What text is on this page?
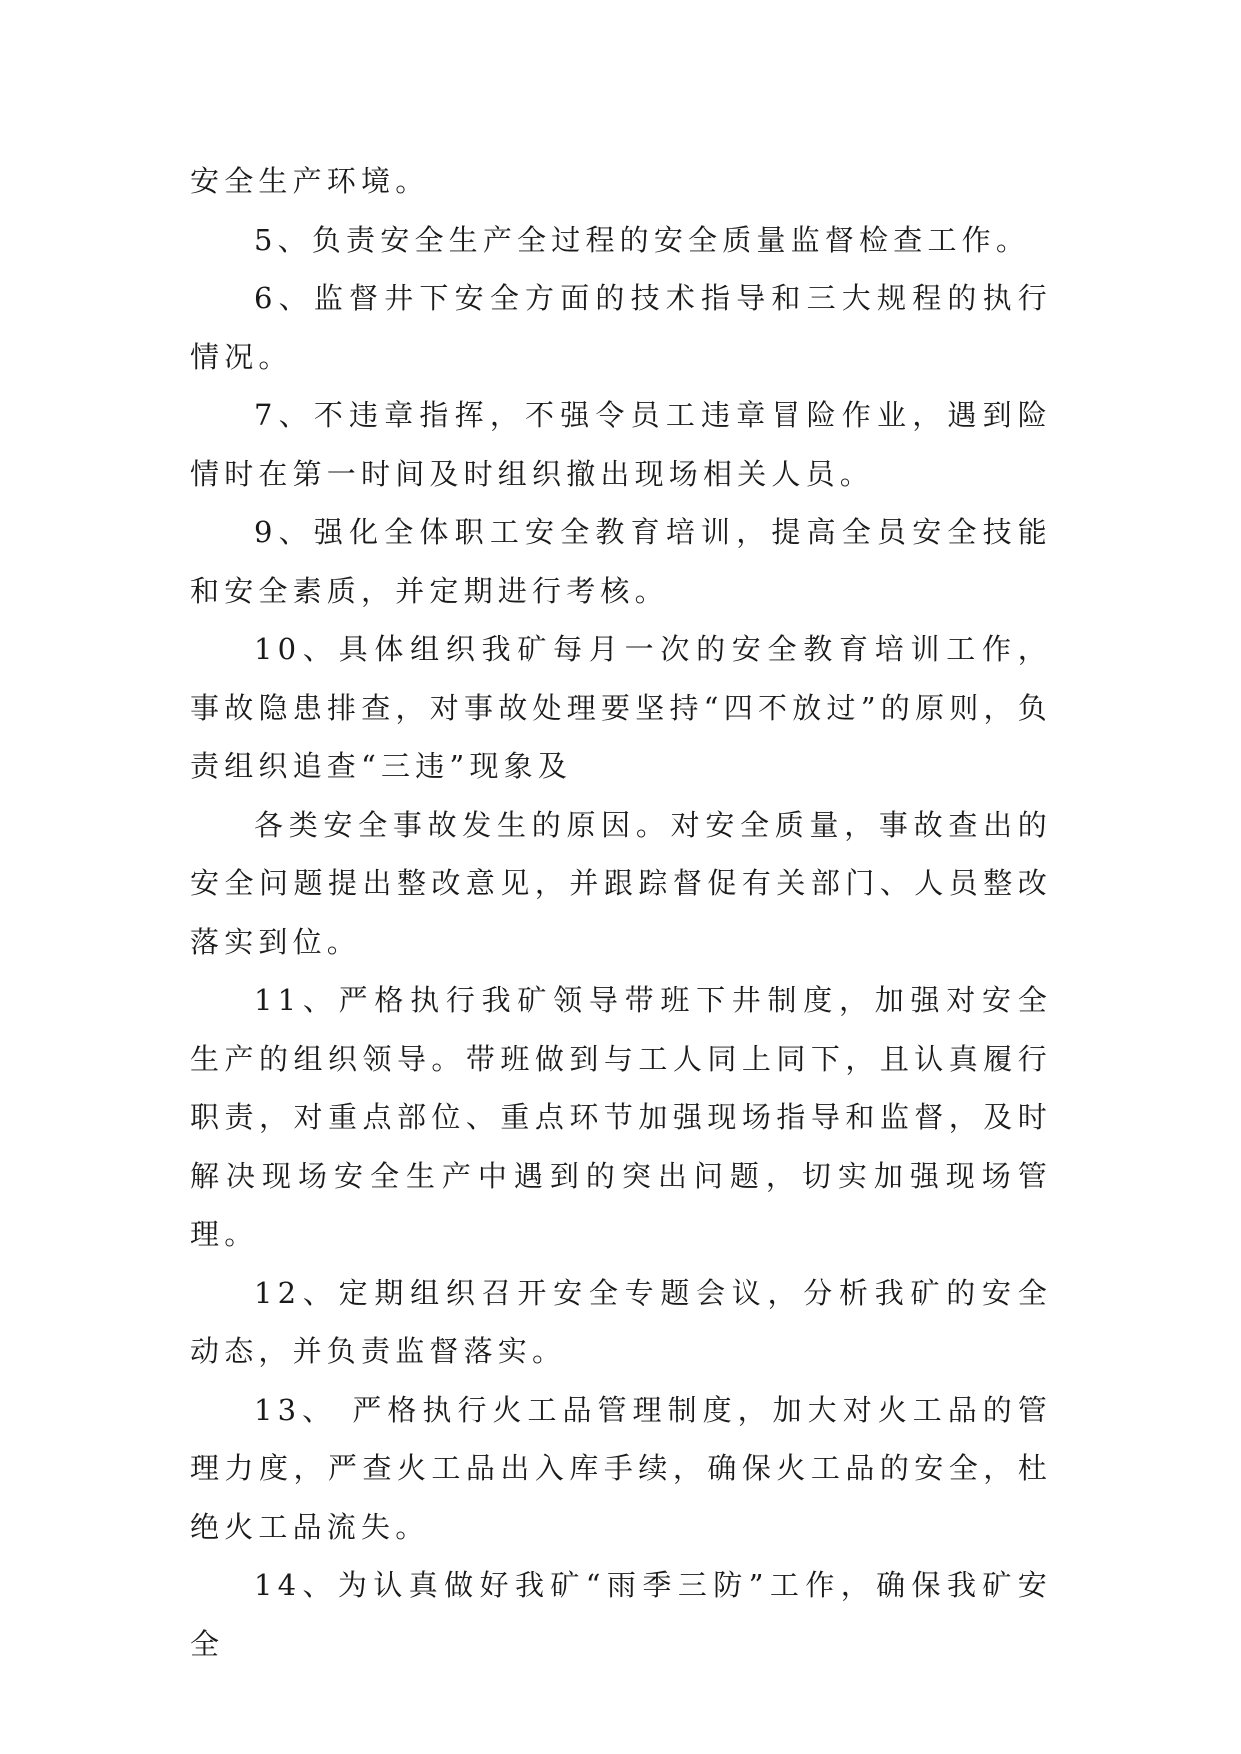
安全生产环境。

5、负责安全生产全过程的安全质量监督检查工作。

6、监督井下安全方面的技术指导和三大规程的执行情况。

7、不违章指挥，不强令员工违章冒险作业，遇到险情时在第一时间及时组织撤出现场相关人员。

9、强化全体职工安全教育培训，提高全员安全技能和安全素质，并定期进行考核。

10、具体组织我矿每月一次的安全教育培训工作，事故隐患排查，对事故处理要坚持“四不放过”的原则，负责组织追查“三违”现象及

各类安全事故发生的原因。对安全质量，事故查出的安全问题提出整改意见，并跟踪督促有关部门、人员整改落实到位。

11、严格执行我矿领导带班下井制度，加强对安全生产的组织领导。带班做到与工人同上同下，且认真履行职责，对重点部位、重点环节加强现场指导和监督，及时解决现场安全生产中遇到的突出问题，切实加强现场管理。

12、定期组织召开安全专题会议，分析我矿的安全动态，并负责监督落实。

13、 严格执行火工品管理制度，加大对火工品的管理力度，严查火工品出入库手续，确保火工品的安全，杜绝火工品流失。

14、为认真做好我矿“雨季三防”工作，确保我矿安全
